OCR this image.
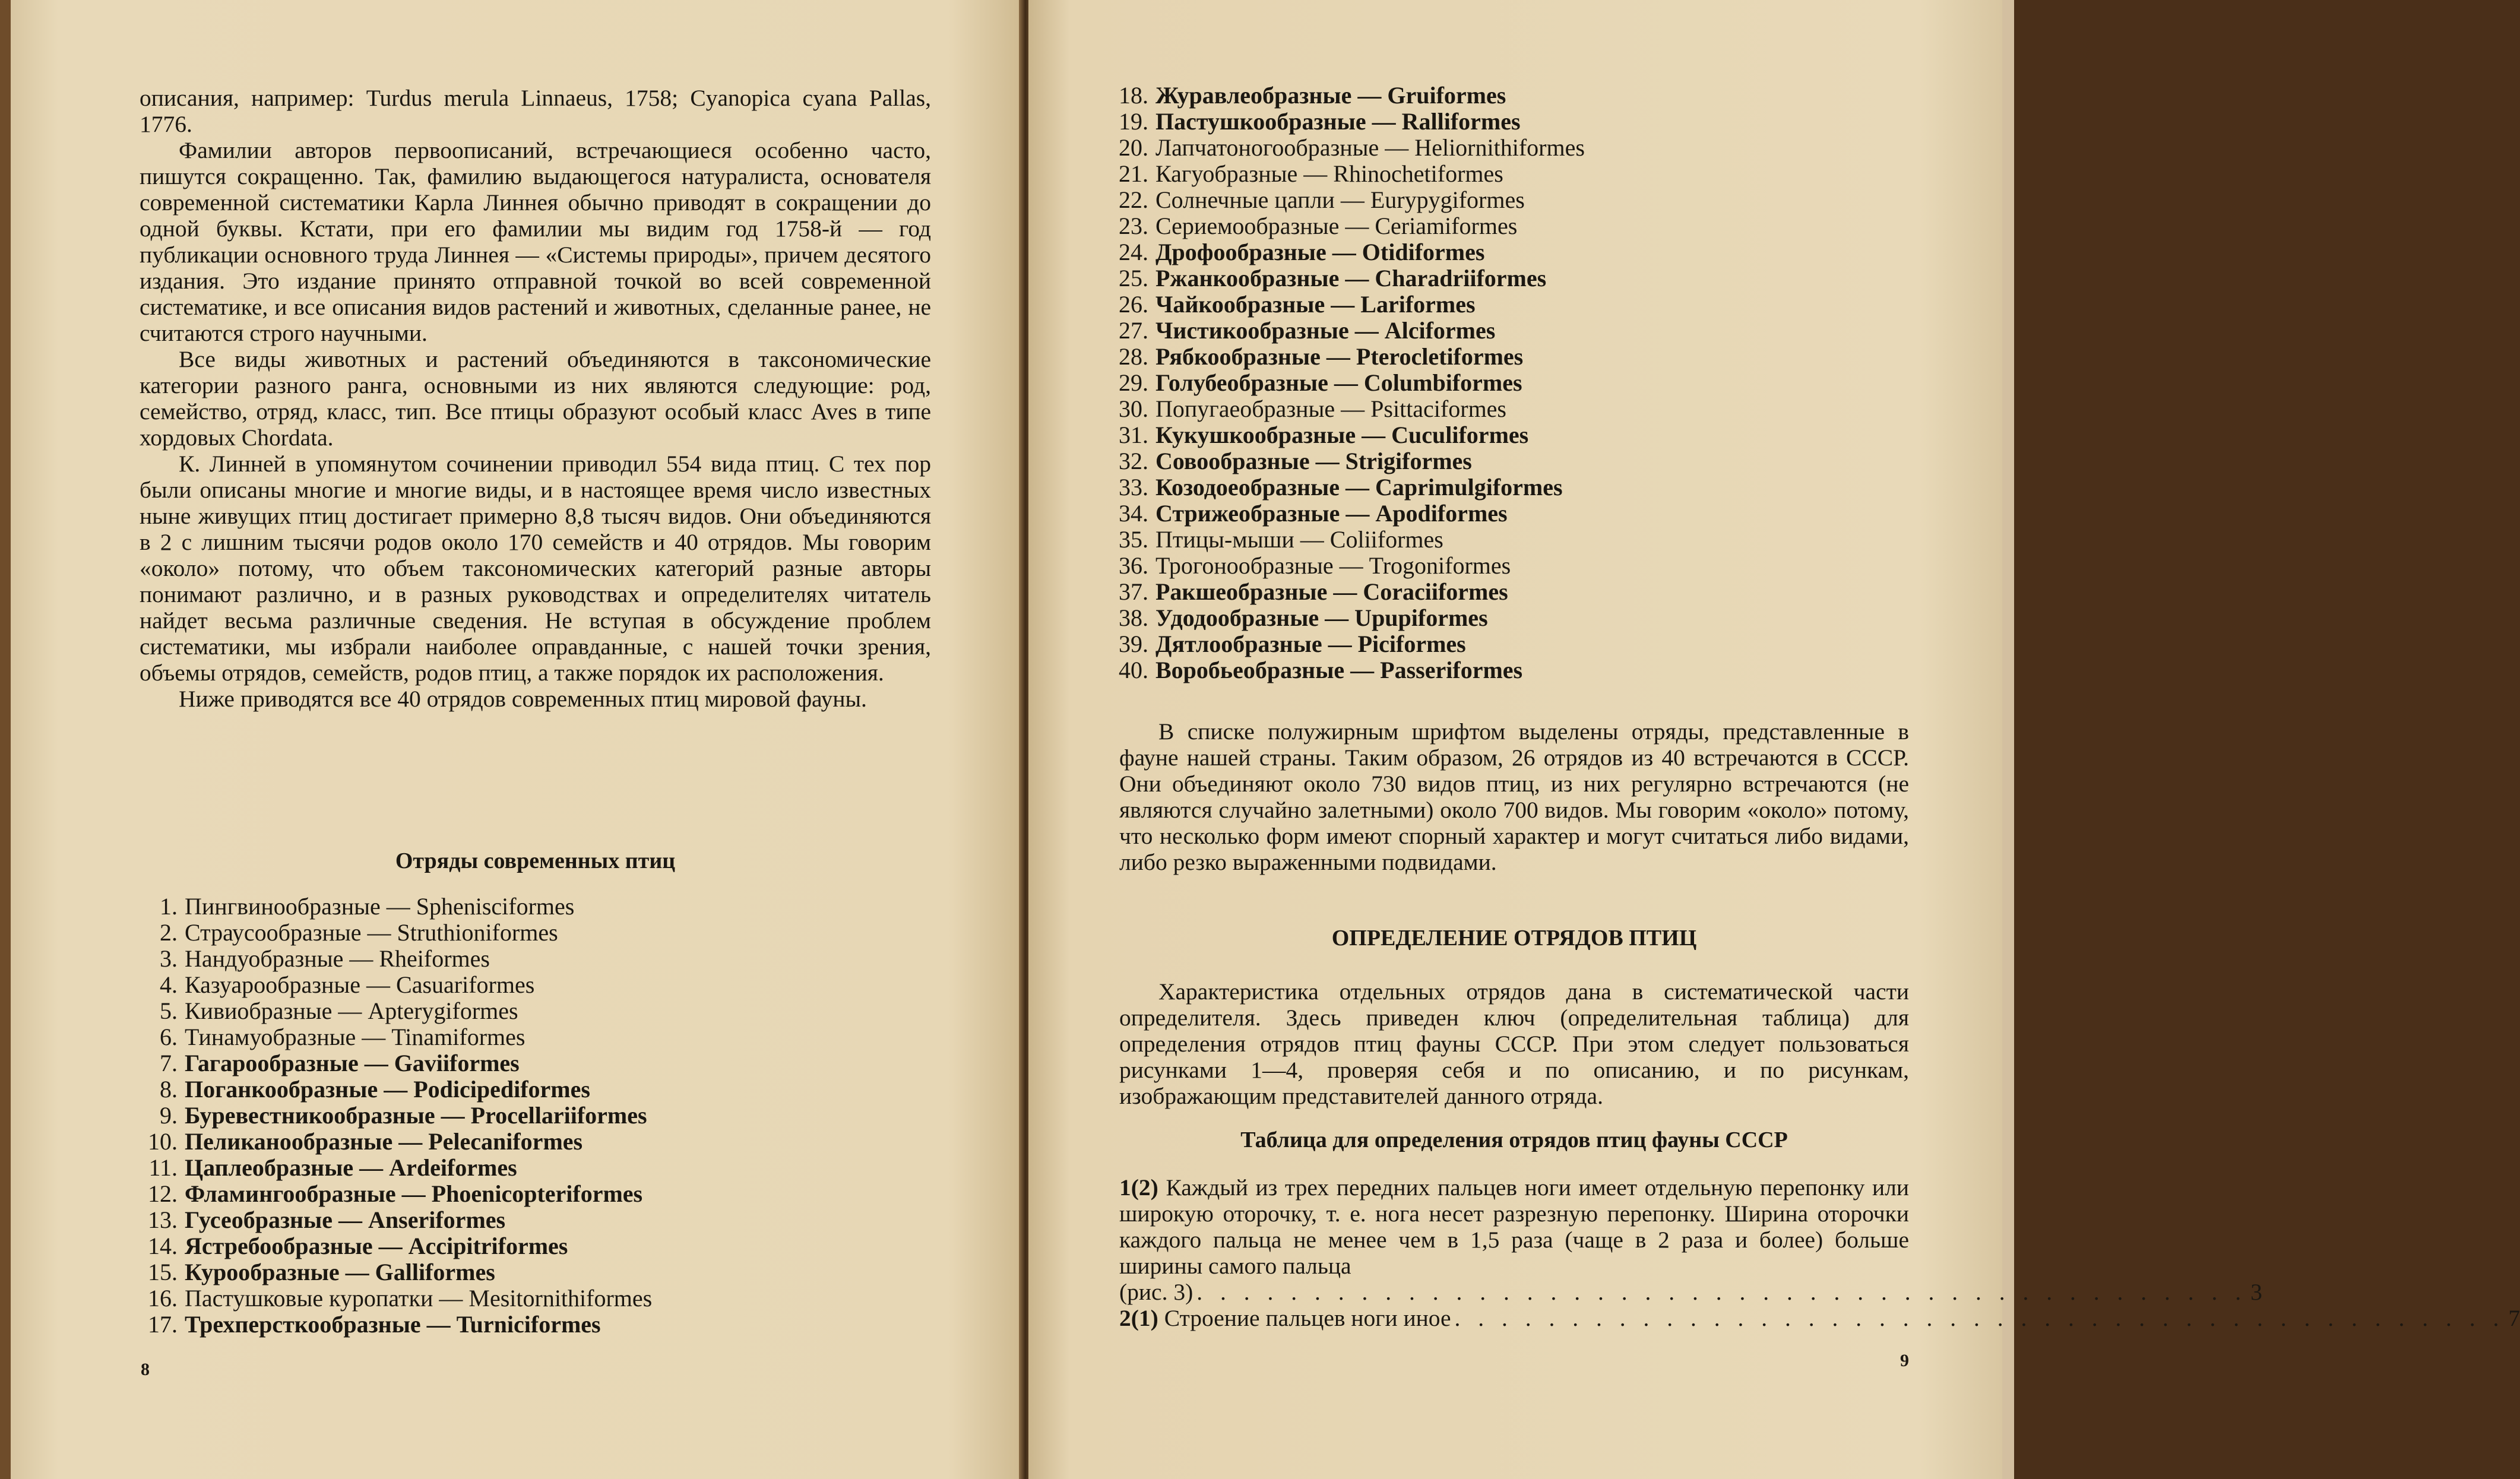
описания, например: Turdus merula Linnaeus, 1758; Cyanopica cyana Pallas, 1776.

Фамилии авторов первоописаний, встречающиеся особенно часто, пишутся сокращенно. Так, фамилию выдающегося натуралиста, основателя современной систематики Карла Линнея обычно приводят в сокращении до одной буквы. Кстати, при его фамилии мы видим год 1758-й — год публикации основного труда Линнея — «Системы природы», причем десятого издания. Это издание принято отправной точкой во всей современной систематике, и все описания видов растений и животных, сделанные ранее, не считаются строго научными.

Все виды животных и растений объединяются в таксономические категории разного ранга, основными из них являются следующие: род, семейство, отряд, класс, тип. Все птицы образуют особый класс Aves в типе хордовых Chordata.

К. Линней в упомянутом сочинении приводил 554 вида птиц. С тех пор были описаны многие и многие виды, и в настоящее время число известных ныне живущих птиц достигает примерно 8,8 тысяч видов. Они объединяются в 2 с лишним тысячи родов около 170 семейств и 40 отрядов. Мы говорим «около» потому, что объем таксономических категорий разные авторы понимают различно, и в разных руководствах и определителях читатель найдет весьма различные сведения. Не вступая в обсуждение проблем систематики, мы избрали наиболее оправданные, с нашей точки зрения, объемы отрядов, семейств, родов птиц, а также порядок их расположения.

Ниже приводятся все 40 отрядов современных птиц мировой фауны.

Отряды современных птиц
1. Пингвинообразные — Sphenisciformes
2. Страусообразные — Struthioniformes
3. Нандуобразные — Rheiformes
4. Казуарообразные — Casuariformes
5. Кивиобразные — Apterygiformes
6. Тинамуобразные — Tinamiformes
7. Гагарообразные — Gaviiformes
8. Поганкообразные — Podicipediformes
9. Буревестникообразные — Procellariiformes
10. Пеликанообразные — Pelecaniformes
11. Цаплеобразные — Ardeiformes
12. Фламингообразные — Phoenicopteriformes
13. Гусеобразные — Anseriformes
14. Ястребообразные — Accipitriformes
15. Курообразные — Galliformes
16. Пастушковые куропатки — Mesitornithiformes
17. Трехперсткообразные — Turniciformes
8
18. Журавлеобразные — Gruiformes
19. Пастушкообразные — Ralliformes
20. Лапчатоногообразные — Heliornithiformes
21. Кагуобразные — Rhinochetiformes
22. Солнечные цапли — Eurypygiformes
23. Сериемообразные — Ceriamiformes
24. Дрофообразные — Otidiformes
25. Ржанкообразные — Charadriiformes
26. Чайкообразные — Lariformes
27. Чистикообразные — Alciformes
28. Рябкообразные — Pterocletiformes
29. Голубеобразные — Columbiformes
30. Попугаеобразные — Psittaciformes
31. Кукушкообразные — Cuculiformes
32. Совообразные — Strigiformes
33. Козодоеобразные — Caprimulgiformes
34. Стрижеобразные — Apodiformes
35. Птицы-мыши — Coliiformes
36. Трогонообразные — Trogoniformes
37. Ракшеобразные — Coraciiformes
38. Удодообразные — Upupiformes
39. Дятлообразные — Piciformes
40. Воробьеобразные — Passeriformes

В списке полужирным шрифтом выделены отряды, представленные в фауне нашей страны. Таким образом, 26 отрядов из 40 встречаются в СССР. Они объединяют около 730 видов птиц, из них регулярно встречаются (не являются случайно залетными) около 700 видов. Мы говорим «около» потому, что несколько форм имеют спорный характер и могут считаться либо видами, либо резко выраженными подвидами.

ОПРЕДЕЛЕНИЕ ОТРЯДОВ ПТИЦ

Характеристика отдельных отрядов дана в систематической части определителя. Здесь приведен ключ (определительная таблица) для определения отрядов птиц фауны СССР. При этом следует пользоваться рисунками 1—4, проверяя себя и по описанию, и по рисункам, изображающим представителей данного отряда.

Таблица для определения отрядов птиц фауны СССР

1(2) Каждый из трех передних пальцев ноги имеет отдельную перепонку или широкую оторочку, т. е. нога несет разрезную перепонку. Ширина оторочки каждого пальца не менее чем в 1,5 раза (чаще в 2 раза и более) больше ширины самого пальца

(рис. 3) . . . . . . . . . . . . . . . . . . . . . . . . . . . . . . . . . . . . . . . . . . . . . 3
2(1) Строение пальцев ноги иное . . . . . . . . . . . . . . . . . . . . . . . . . . . . . . . . . . . . . . . . . . . . . 7
9
